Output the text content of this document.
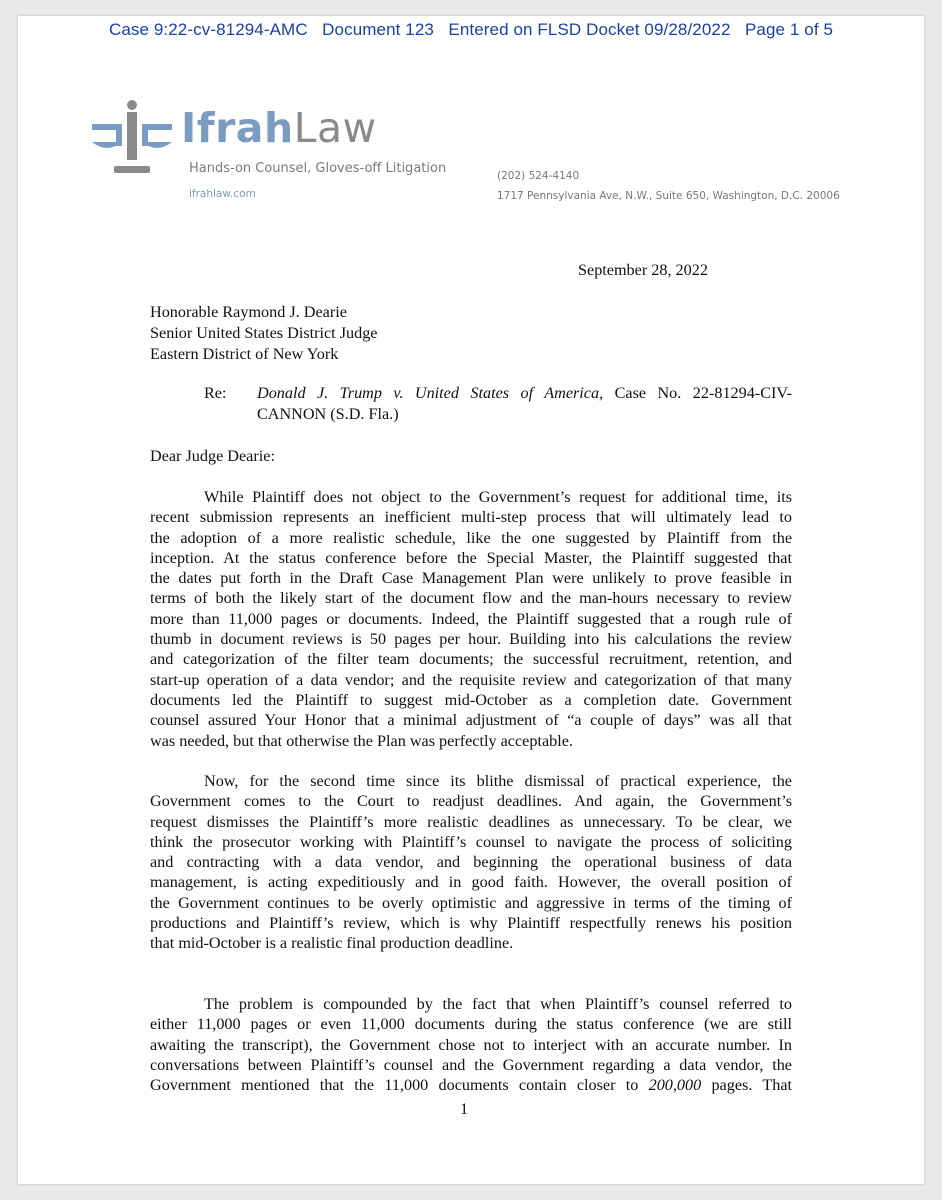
Case 9:22-cv-81294-AMC   Document 123   Entered on FLSD Docket 09/28/2022   Page 1 of 5
IfrahLaw
Hands-on Counsel, Gloves-off Litigation
ifrahlaw.com
(202) 524-4140
1717 Pennsylvania Ave, N.W., Suite 650, Washington, D.C. 20006
September 28, 2022
Honorable Raymond J. Dearie
Senior United States District Judge
Eastern District of New York
Re: Donald J. Trump v. United States of America, Case No. 22-81294-CIV-
CANNON (S.D. Fla.)
Dear Judge Dearie:
While Plaintiff does not object to the Government’s request for additional time, its
recent submission represents an inefficient multi-step process that will ultimately lead to
the adoption of a more realistic schedule, like the one suggested by Plaintiff from the
inception. At the status conference before the Special Master, the Plaintiff suggested that
the dates put forth in the Draft Case Management Plan were unlikely to prove feasible in
terms of both the likely start of the document flow and the man-hours necessary to review
more than 11,000 pages or documents. Indeed, the Plaintiff suggested that a rough rule of
thumb in document reviews is 50 pages per hour. Building into his calculations the review
and categorization of the filter team documents; the successful recruitment, retention, and
start-up operation of a data vendor; and the requisite review and categorization of that many
documents led the Plaintiff to suggest mid-October as a completion date. Government
counsel assured Your Honor that a minimal adjustment of “a couple of days” was all that
was needed, but that otherwise the Plan was perfectly acceptable.
Now, for the second time since its blithe dismissal of practical experience, the
Government comes to the Court to readjust deadlines. And again, the Government’s
request dismisses the Plaintiff’s more realistic deadlines as unnecessary. To be clear, we
think the prosecutor working with Plaintiff’s counsel to navigate the process of soliciting
and contracting with a data vendor, and beginning the operational business of data
management, is acting expeditiously and in good faith. However, the overall position of
the Government continues to be overly optimistic and aggressive in terms of the timing of
productions and Plaintiff’s review, which is why Plaintiff respectfully renews his position
that mid-October is a realistic final production deadline.
The problem is compounded by the fact that when Plaintiff’s counsel referred to
either 11,000 pages or even 11,000 documents during the status conference (we are still
awaiting the transcript), the Government chose not to interject with an accurate number. In
conversations between Plaintiff’s counsel and the Government regarding a data vendor, the
Government mentioned that the 11,000 documents contain closer to 200,000 pages. That
1
